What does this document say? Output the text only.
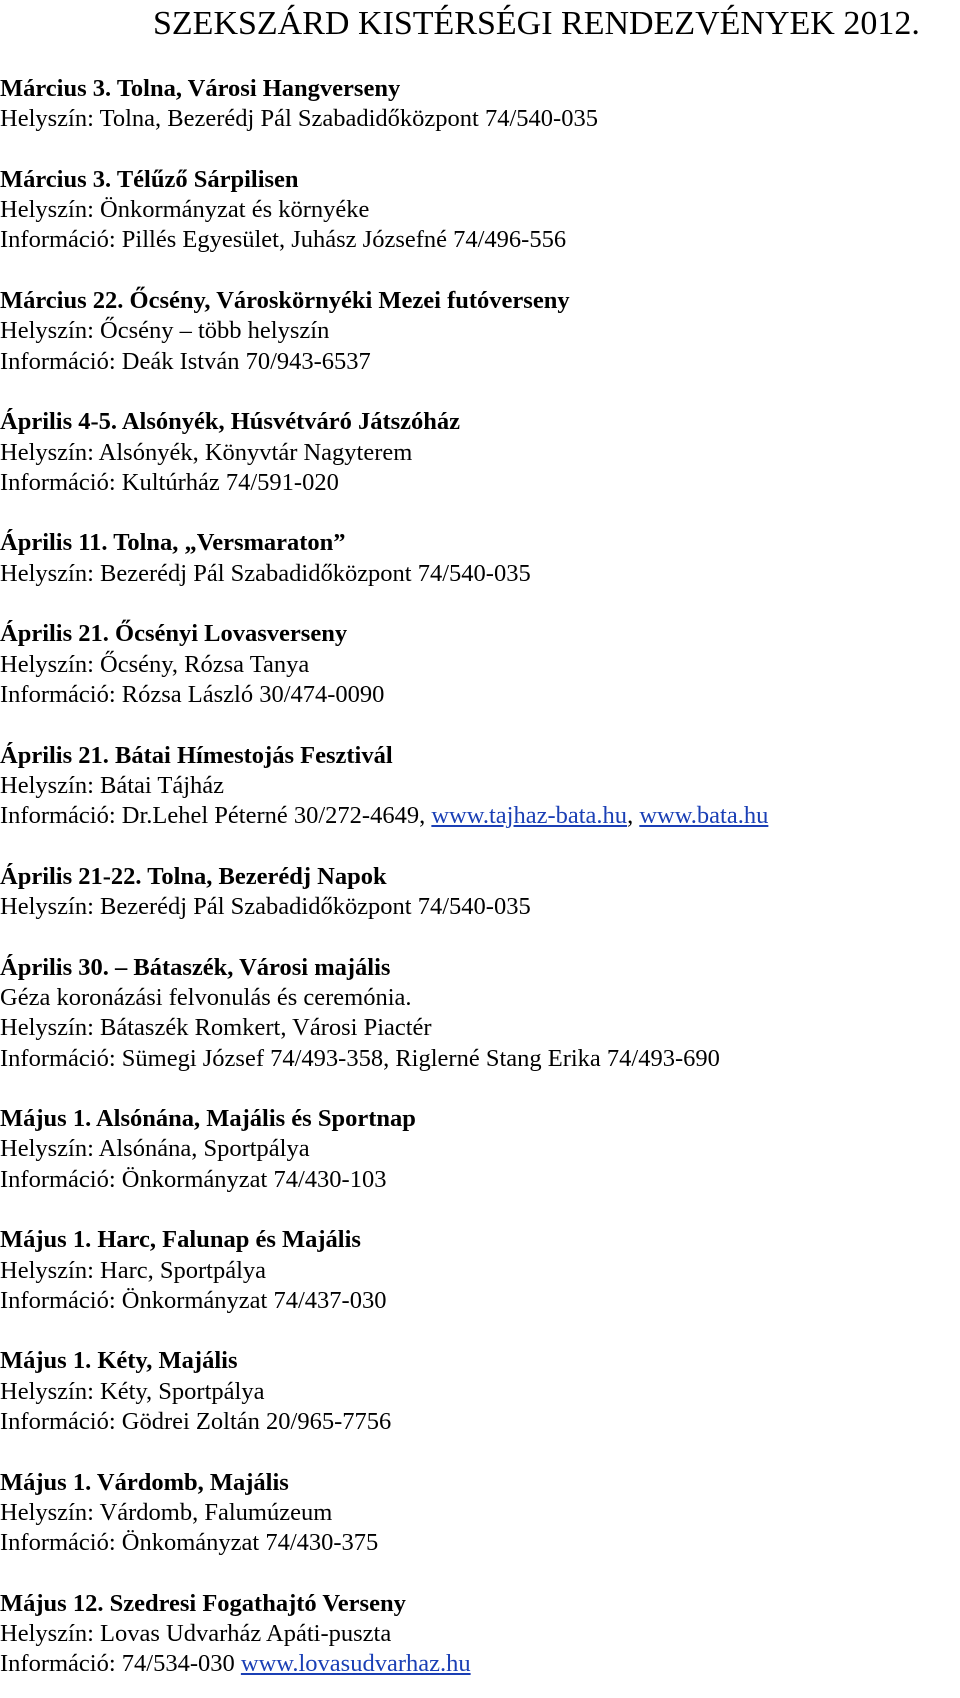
SZEKSZÁRD KISTÉRSÉGI RENDEZVÉNYEK 2012.
Március 3. Tolna, Városi Hangverseny
Helyszín: Tolna, Bezerédj Pál Szabadidőközpont 74/540-035
Március 3. Télűző Sárpilisen
Helyszín: Önkormányzat és környéke
Információ: Pillés Egyesület, Juhász Józsefné 74/496-556
Március 22. Őcsény, Városkörnyéki Mezei futóverseny
Helyszín: Őcsény – több helyszín
Információ: Deák István 70/943-6537
Április 4-5. Alsónyék, Húsvétváró Játszóház
Helyszín: Alsónyék, Könyvtár Nagyterem
Információ: Kultúrház 74/591-020
Április 11. Tolna, „Versmaraton”
Helyszín: Bezerédj Pál Szabadidőközpont 74/540-035
Április 21. Őcsényi Lovasverseny
Helyszín: Őcsény, Rózsa Tanya
Információ: Rózsa László 30/474-0090
Április 21. Bátai Hímestojás Fesztivál
Helyszín: Bátai Tájház
Információ: Dr.Lehel Péterné 30/272-4649, www.tajhaz-bata.hu, www.bata.hu
Április 21-22. Tolna, Bezerédj Napok
Helyszín: Bezerédj Pál Szabadidőközpont 74/540-035
Április 30. – Bátaszék, Városi majális
Géza koronázási felvonulás és ceremónia.
Helyszín: Bátaszék Romkert, Városi Piactér
Információ: Sümegi József 74/493-358, Riglerné Stang Erika 74/493-690
Május 1. Alsónána, Majális és Sportnap
Helyszín: Alsónána, Sportpálya
Információ: Önkormányzat 74/430-103
Május 1. Harc, Falunap és Majális
Helyszín: Harc, Sportpálya
Információ: Önkormányzat 74/437-030
Május 1. Kéty, Majális
Helyszín: Kéty, Sportpálya
Információ: Gödrei Zoltán 20/965-7756
Május 1. Várdomb, Majális
Helyszín: Várdomb, Falumúzeum
Információ: Önkományzat 74/430-375
Május 12. Szedresi Fogathajtó Verseny
Helyszín: Lovas Udvarház Apáti-puszta
Információ: 74/534-030 www.lovasudvarhaz.hu
